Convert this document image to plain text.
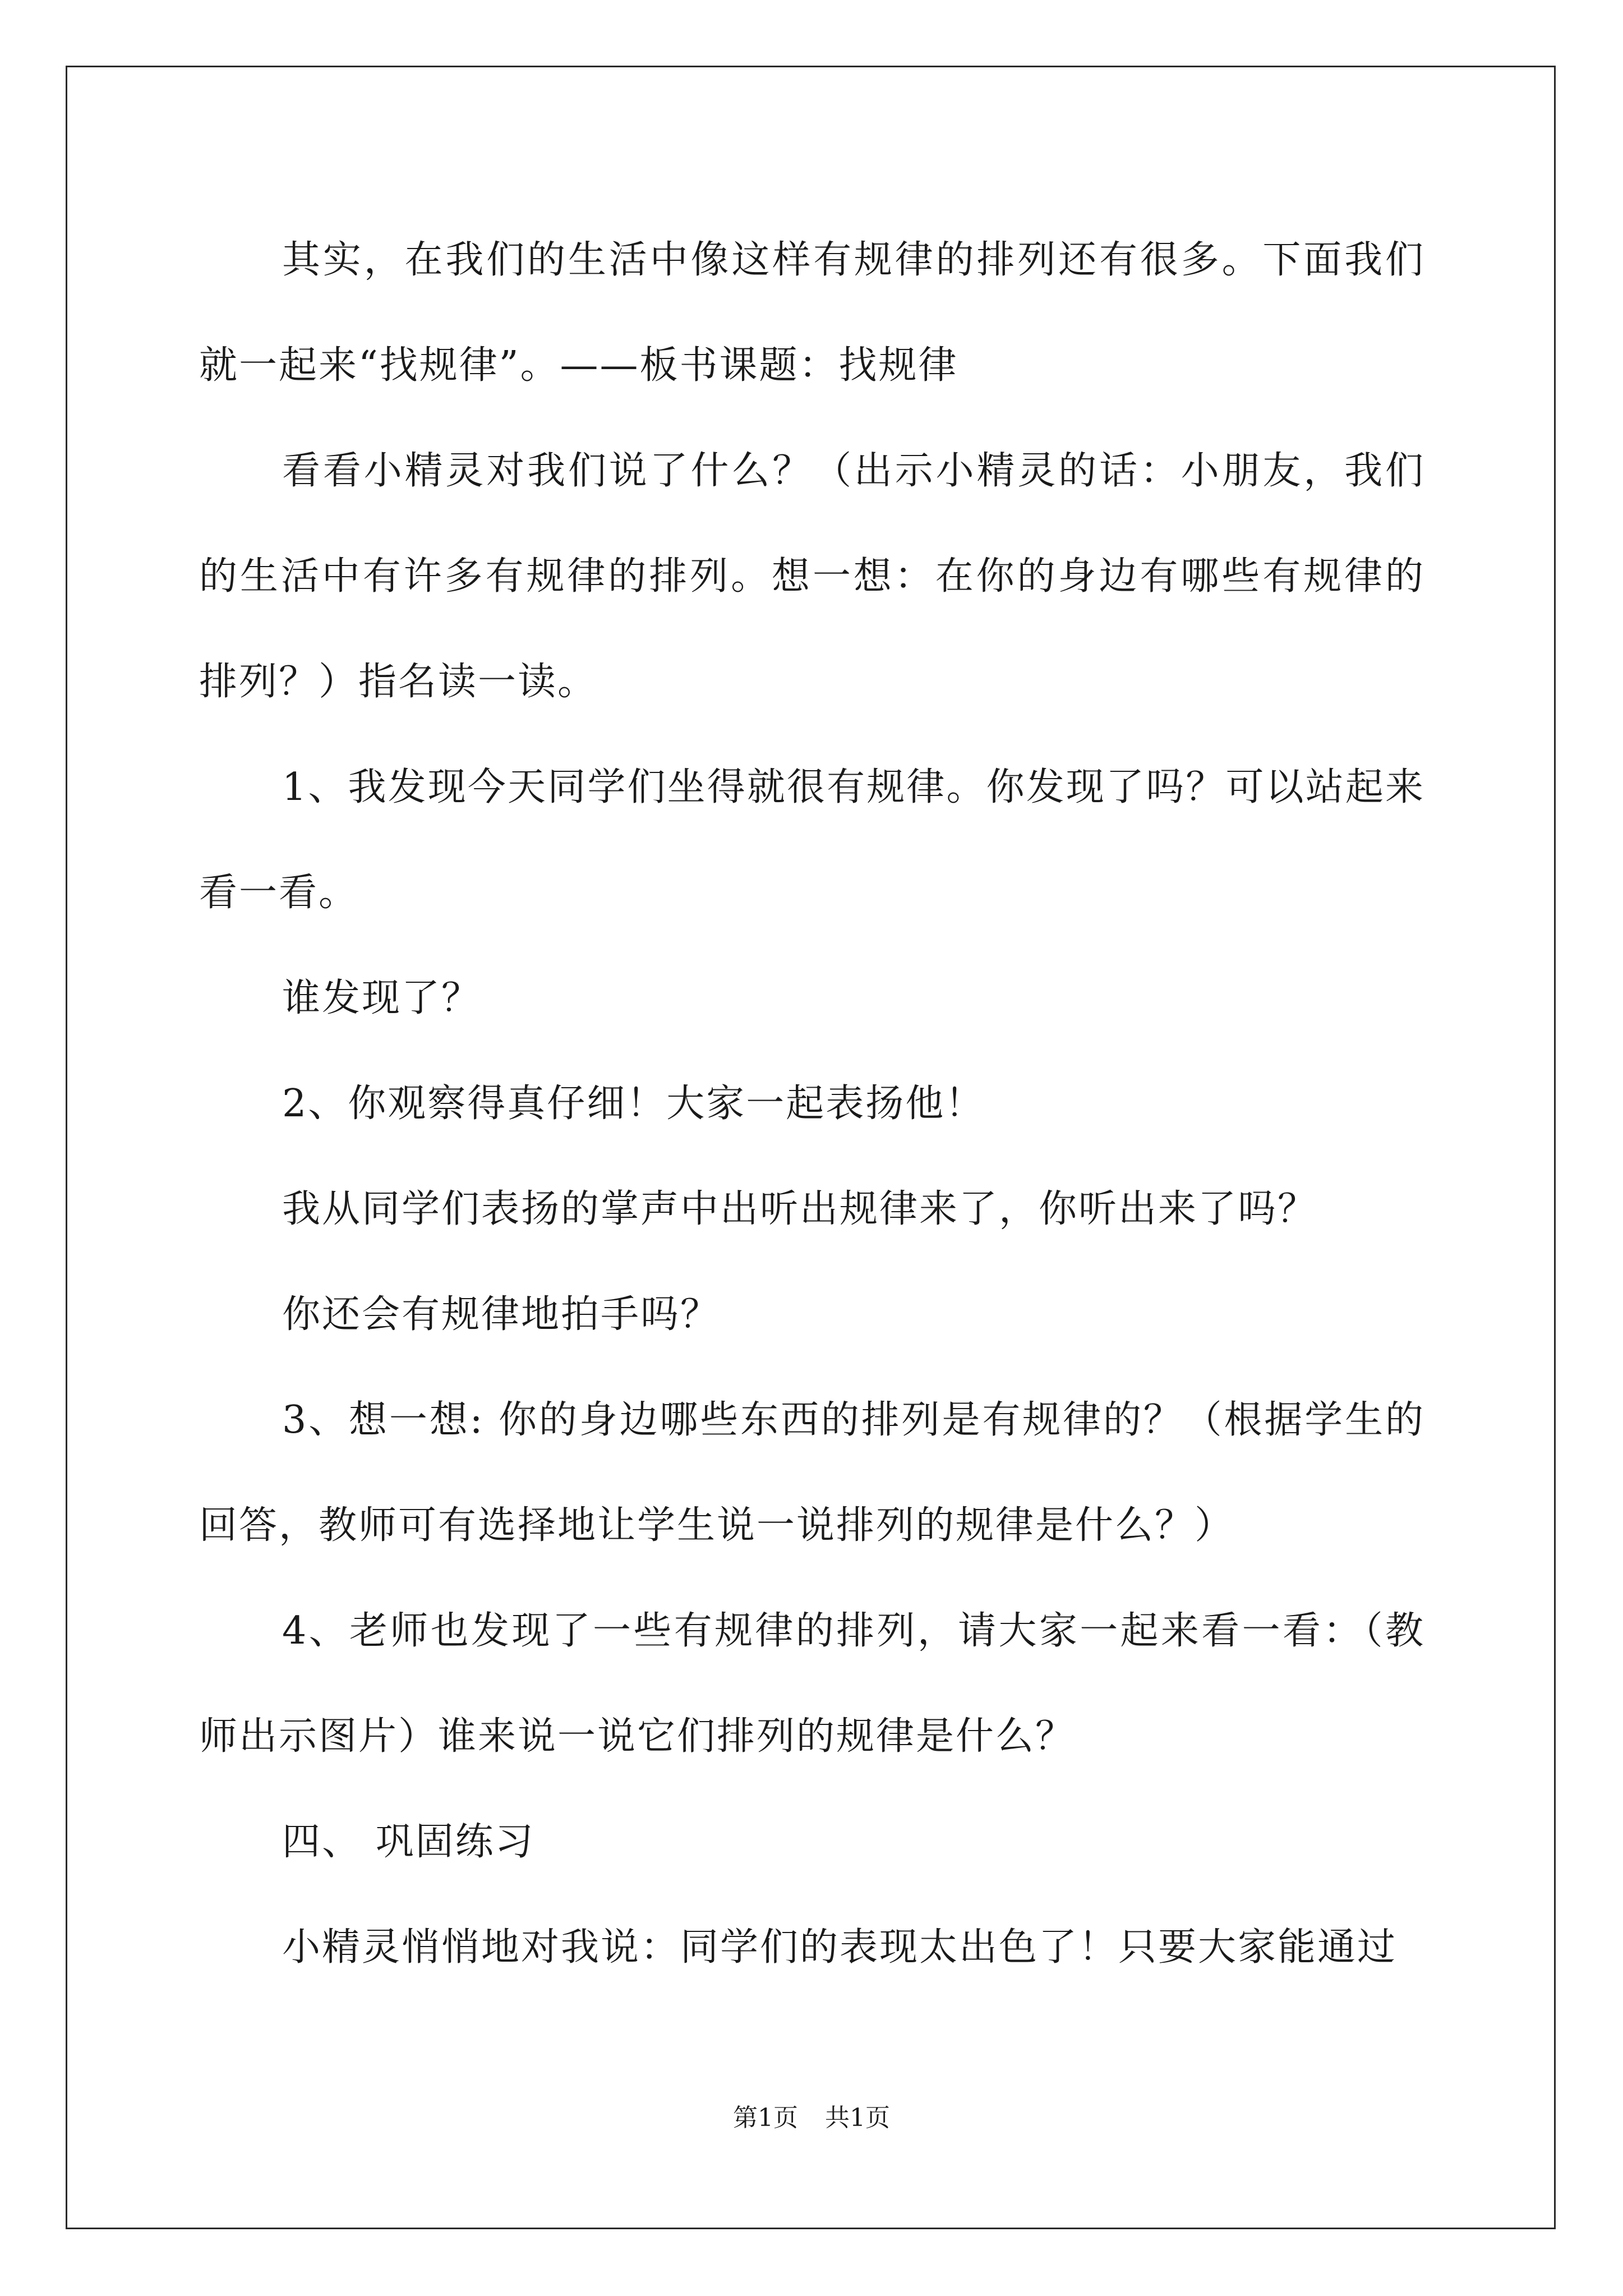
其实，在我们的生活中像这样有规律的排列还有很多。下面我们就一起来“找规律”。——板书课题：找规律

看看小精灵对我们说了什么？（出示小精灵的话：小朋友，我们的生活中有许多有规律的排列。想一想：在你的身边有哪些有规律的排列？）指名读一读。

1、我发现今天同学们坐得就很有规律。你发现了吗？可以站起来看一看。

谁发现了？

2、你观察得真仔细！大家一起表扬他！

我从同学们表扬的掌声中出听出规律来了，你听出来了吗？

你还会有规律地拍手吗？

3、想一想: 你的身边哪些东西的排列是有规律的？（根据学生的回答，教师可有选择地让学生说一说排列的规律是什么？）

4、老师也发现了一些有规律的排列，请大家一起来看一看：（教师出示图片）谁来说一说它们排列的规律是什么？

四、 巩固练习

小精灵悄悄地对我说：同学们的表现太出色了！只要大家能通过

第1页 共1页
